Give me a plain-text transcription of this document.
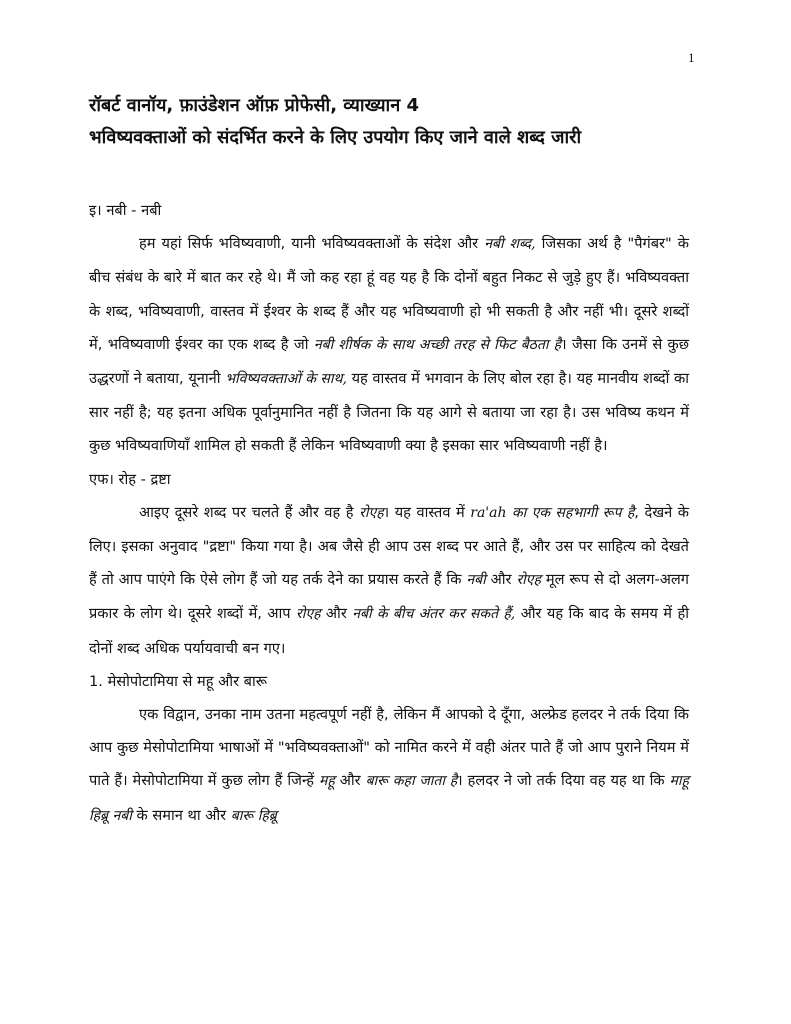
1
रॉबर्ट वानॉय, फ़ाउंडेशन ऑफ़ प्रोफेसी, व्याख्यान 4
भविष्यवक्ताओं को संदर्भित करने के लिए उपयोग किए जाने वाले शब्द जारी

इ। नबी - नबी

हम यहां सिर्फ भविष्यवाणी, यानी भविष्यवक्ताओं के संदेश और नबी शब्द, जिसका अर्थ है "पैगंबर" के बीच संबंध के बारे में बात कर रहे थे। मैं जो कह रहा हूं वह यह है कि दोनों बहुत निकट से जुड़े हुए हैं। भविष्यवक्ता के शब्द, भविष्यवाणी, वास्तव में ईश्वर के शब्द हैं और यह भविष्यवाणी हो भी सकती है और नहीं भी। दूसरे शब्दों में, भविष्यवाणी ईश्वर का एक शब्द है जो नबी शीर्षक के साथ अच्छी तरह से फिट बैठता है। जैसा कि उनमें से कुछ उद्धरणों ने बताया, यूनानी भविष्यवक्ताओं के साथ, यह वास्तव में भगवान के लिए बोल रहा है। यह मानवीय शब्दों का सार नहीं है; यह इतना अधिक पूर्वानुमानित नहीं है जितना कि यह आगे से बताया जा रहा है। उस भविष्य कथन में कुछ भविष्यवाणियाँ शामिल हो सकती हैं लेकिन भविष्यवाणी क्या है इसका सार भविष्यवाणी नहीं है।

एफ। रोह - द्रष्टा

आइए दूसरे शब्द पर चलते हैं और वह है रोएह। यह वास्तव में ra'ah का एक सहभागी रूप है, देखने के लिए। इसका अनुवाद "द्रष्टा" किया गया है। अब जैसे ही आप उस शब्द पर आते हैं, और उस पर साहित्य को देखते हैं तो आप पाएंगे कि ऐसे लोग हैं जो यह तर्क देने का प्रयास करते हैं कि नबी और रोएह मूल रूप से दो अलग-अलग प्रकार के लोग थे। दूसरे शब्दों में, आप रोएह और नबी के बीच अंतर कर सकते हैं, और यह कि बाद के समय में ही दोनों शब्द अधिक पर्यायवाची बन गए।

1. मेसोपोटामिया से महू और बारू

एक विद्वान, उनका नाम उतना महत्वपूर्ण नहीं है, लेकिन मैं आपको दे दूँगा, अल्फ्रेड हलदर ने तर्क दिया कि आप कुछ मेसोपोटामिया भाषाओं में "भविष्यवक्ताओं" को नामित करने में वही अंतर पाते हैं जो आप पुराने नियम में पाते हैं। मेसोपोटामिया में कुछ लोग हैं जिन्हें महू और बारू कहा जाता है। हलदर ने जो तर्क दिया वह यह था कि माहू हिब्रू नबी के समान था और बारू हिब्रू
